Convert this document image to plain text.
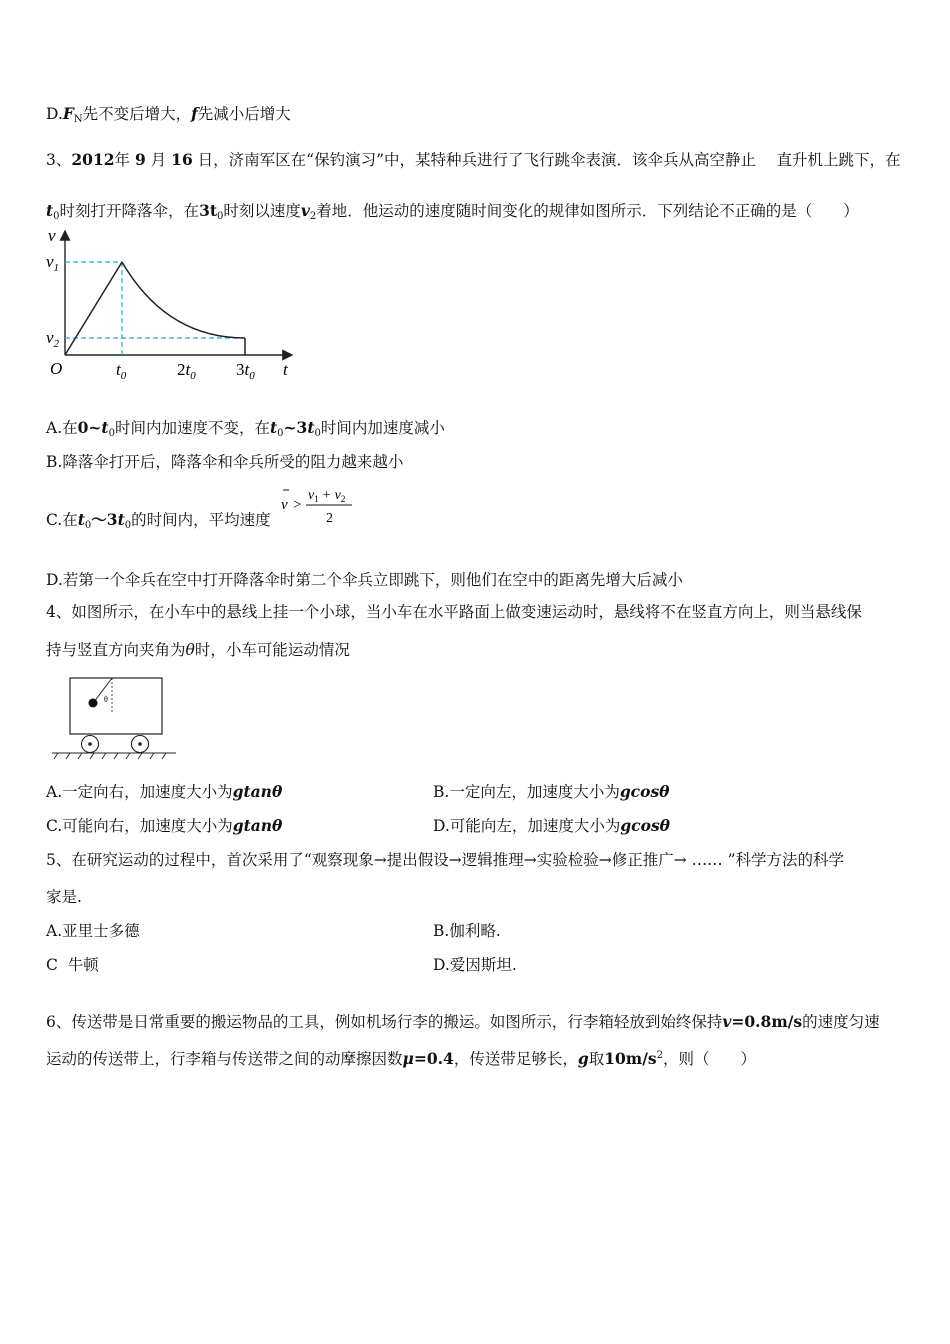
$D.F_N$先不变后增大，f先减小后增大
3、2012年 9 月 16 日，济南军区在“保钓演习”中，某特种兵进行了飞行跳伞表演．该伞兵从高空静止　 直升机上跳下，在
$t_0$时刻打开降落伞，在$3t_0$时刻以速度$v_2$着地．他运动的速度随时间变化的规律如图所示．下列结论不正确的是（　　）
v
$v_1$
$v_2$
O	$t_0$	$2t_0$ $3t_0$ t
A.在$0\sim t_0$时间内加速度不变，在$t_0\sim 3t_0$时间内加速度减小
B.降落伞打开后，降落伞和伞兵所受的阻力越来越小
C.在$t_0\sim 3t_0$的时间内，平均速度
v >
$v_1 + v_2$
2
D.若第一个伞兵在空中打开降落伞时第二个伞兵立即跳下，则他们在空中的距离先增大后减小
4、如图所示，在小车中的悬线上挂一个小球，当小车在水平路面上做变速运动时，悬线将不在竖直方向上，则当悬线保
持与竖直方向夹角为θ时，小车可能运动情况
θ
A.一定向右，加速度大小为gtanθ	B.一定向左，加速度大小为gcosθ
C.可能向右，加速度大小为gtanθ	D.可能向左，加速度大小为gcosθ
5、在研究运动的过程中，首次采用了“观察现象→提出假设→逻辑推理→实验检验→修正推广→ …… ”科学方法的科学
家是.
A.亚里士多德	B.伽利略.
C 牛顿	D.爱因斯坦.
6、传送带是日常重要的搬运物品的工具，例如机场行李的搬运。如图所示，行李箱轻放到始终保持v=0.8m/s的速度匀速
运动的传送带上，行李箱与传送带之间的动摩擦因数μ=0.4，传送带足够长，g取$10m/s^2$，则（　　）
